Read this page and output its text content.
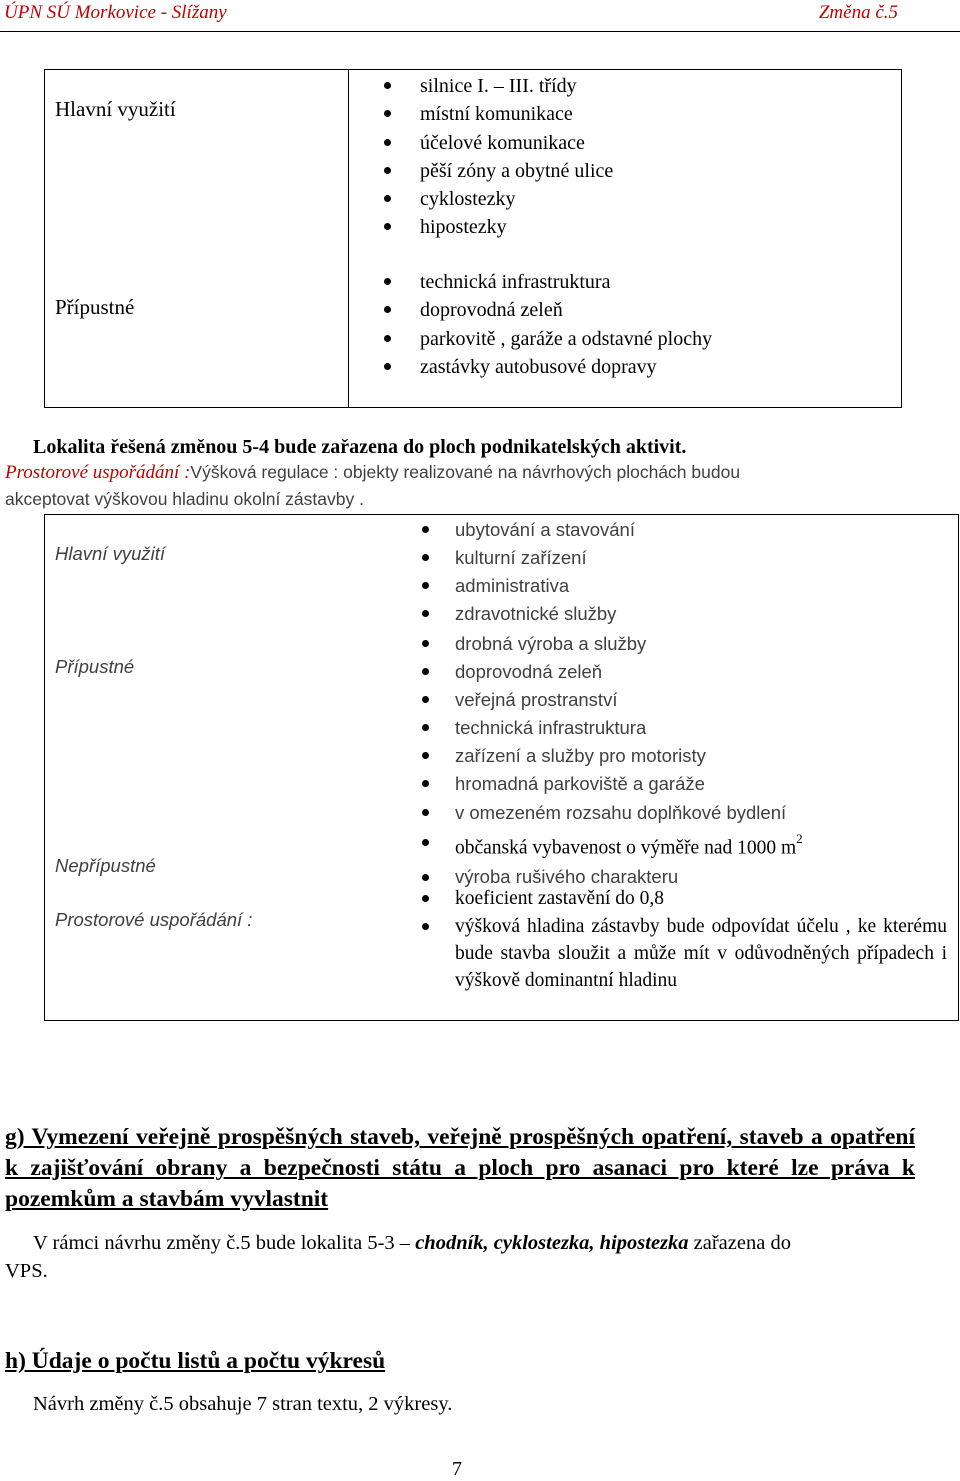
ÚPN SÚ Morkovice - Slížany	Změna č.5
Hlavní využití
Přípustné
silnice I. – III. třídy
místní komunikace
účelové komunikace
pěší zóny a obytné ulice
cyklostezky
hipostezky
technická infrastruktura
doprovodná zeleň
parkovitě , garáže a odstavné plochy
zastávky autobusové dopravy
Lokalita řešená změnou 5-4 bude zařazena do ploch podnikatelských aktivit.
Prostorové uspořádání :Výšková regulace : objekty realizované na návrhových plochách budou
akceptovat výškovou hladinu okolní zástavby .
Hlavní využití
Přípustné
Nepřípustné
Prostorové uspořádání :
ubytování a stavování
kulturní zařízení
administrativa
zdravotnické služby
drobná výroba a služby
doprovodná zeleň
veřejná prostranství
technická infrastruktura
zařízení a služby pro motoristy
hromadná parkoviště a garáže
v omezeném rozsahu doplňkové bydlení
občanská vybavenost o výměře nad 1000 $m^2$
výroba rušivého charakteru
koeficient zastavění do 0,8
výšková hladina zástavby bude odpovídat účelu , ke kterému bude stavba sloužit a může mít v odůvodněných případech i výškově dominantní hladinu
g) Vymezení veřejně prospěšných staveb, veřejně prospěšných opatření, staveb a opatření k zajišťování obrany a bezpečnosti státu a ploch pro asanaci pro které lze práva k pozemkům a stavbám vyvlastnit
V rámci návrhu změny č.5 bude lokalita 5-3 – chodník, cyklostezka, hipostezka zařazena do
VPS.
h) Údaje o počtu listů a počtu výkresů
Návrh změny č.5 obsahuje 7 stran textu, 2 výkresy.
7
